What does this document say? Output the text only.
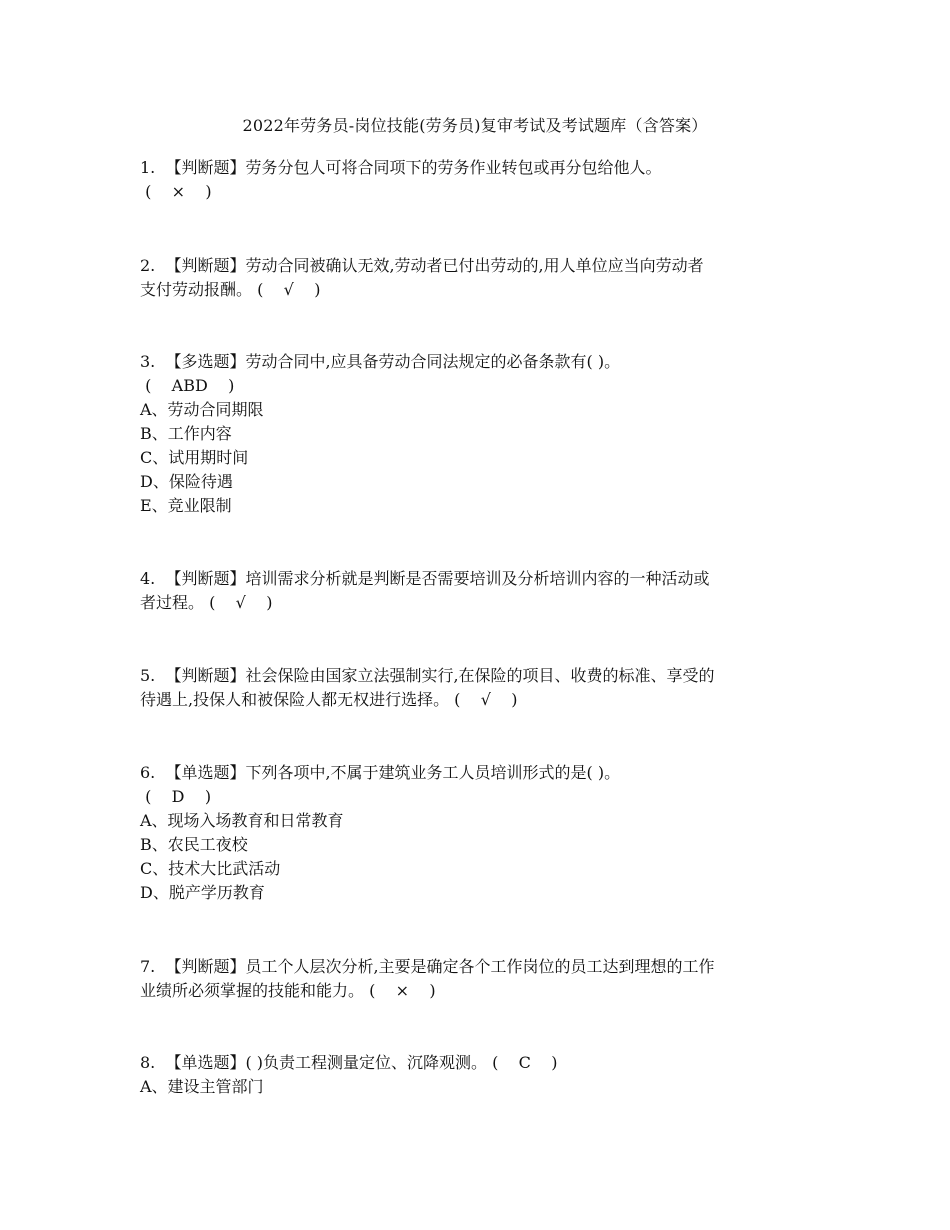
2022年劳务员-岗位技能(劳务员)复审考试及考试题库（含答案）
1.  【判断题】劳务分包人可将合同项下的劳务作业转包或再分包给他人。
(    ×    )
2.  【判断题】劳动合同被确认无效,劳动者已付出劳动的,用人单位应当向劳动者
支付劳动报酬。 (    √    )
3.  【多选题】劳动合同中,应具备劳动合同法规定的必备条款有( )。
(    ABD    )
A、劳动合同期限
B、工作内容
C、试用期时间
D、保险待遇
E、竞业限制
4.  【判断题】培训需求分析就是判断是否需要培训及分析培训内容的一种活动或
者过程。 (    √    )
5.  【判断题】社会保险由国家立法强制实行,在保险的项目、收费的标准、享受的
待遇上,投保人和被保险人都无权进行选择。 (    √    )
6.  【单选题】下列各项中,不属于建筑业务工人员培训形式的是( )。
(    D    )
A、现场入场教育和日常教育
B、农民工夜校
C、技术大比武活动
D、脱产学历教育
7.  【判断题】员工个人层次分析,主要是确定各个工作岗位的员工达到理想的工作
业绩所必须掌握的技能和能力。 (    ×    )
8.  【单选题】( )负责工程测量定位、沉降观测。 (    C    )
A、建设主管部门
